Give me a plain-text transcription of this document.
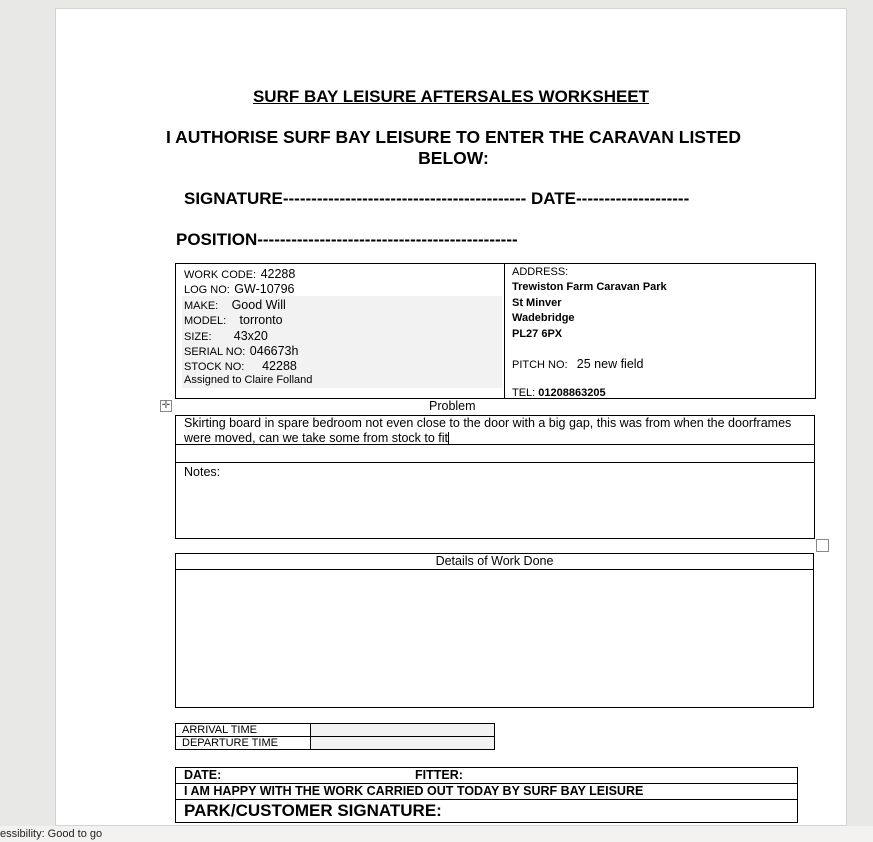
SURF BAY LEISURE AFTERSALES WORKSHEET
I AUTHORISE SURF BAY LEISURE TO ENTER THE CARAVAN LISTED BELOW:
SIGNATURE------------------------------------------- DATE--------------------
POSITION----------------------------------------------
WORK CODE: 42288
LOG NO: GW-10796
MAKE: Good Will
MODEL: torronto
SIZE: 43x20
SERIAL NO: 046673h
STOCK NO: 42288
Assigned to Claire Folland
ADDRESS:
Trewiston Farm Caravan Park
St Minver
Wadebridge
PL27 6PX
PITCH NO: 25 new field
TEL: 01208863205
✛	Problem
Skirting board in spare bedroom not even close to the door with a big gap, this was from when the doorframes were moved, can we take some from stock to fit
Notes:
Details of Work Done
ARRIVAL TIME	
DEPARTURE TIME	
DATE:	FITTER:
I AM HAPPY WITH THE WORK CARRIED OUT TODAY BY SURF BAY LEISURE
PARK/CUSTOMER SIGNATURE:
essibility: Good to go
